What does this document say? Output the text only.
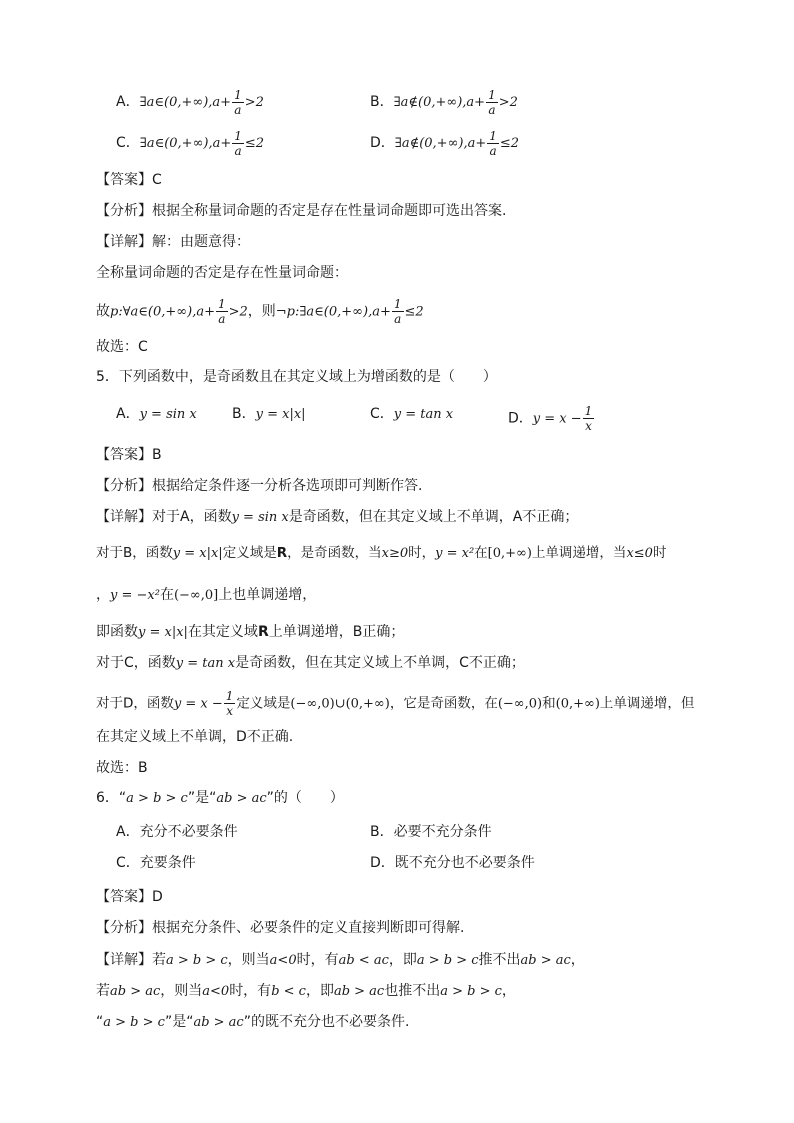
A．∃a∈(0,+∞),a+ $\frac{1}{a} >2$	B．∃a∉(0,+∞),a+ $\frac{1}{a} >2$
C．∃a∈(0,+∞),a+ $\frac{1}{a} \le 2$	D．∃a∉(0,+∞),a+ $\frac{1}{a} \le 2$
【答案】C
【分析】根据全称量词命题的否定是存在性量词命题即可选出答案.
【详解】解：由题意得：
全称量词命题的否定是存在性量词命题：
故p:∀a∈(0,+∞),a+ $\frac{1}{a} >2$，则¬p:∃a∈(0,+∞),a+ $\frac{1}{a} \le 2$
故选：C
5．下列函数中，是奇函数且在其定义域上为增函数的是（　　）
A．y = sin x	B．y = x|x|	C．y = tan x	D．$y = x - \frac{1}{x}$
【答案】B
【分析】根据给定条件逐一分析各选项即可判断作答.
【详解】对于A，函数y = sin x是奇函数，但在其定义域上不单调，A不正确；
对于B，函数y = x|x|定义域是R，是奇函数，当x≥0时，y = x²在[0,+∞)上单调递增，当x≤0时
，y = −x²在(−∞,0]上也单调递增，
即函数y = x|x|在其定义域R上单调递增，B正确；
对于C，函数y = tan x是奇函数，但在其定义域上不单调，C不正确；
对于D，函数$y = x - \frac{1}{x}$ 定义域是(−∞,0)∪(0,+∞)，它是奇函数，在(−∞,0)和(0,+∞)上单调递增，但
在其定义域上不单调，D不正确.
故选：B
6．“a > b > c”是“ab > ac”的（　　）
A．充分不必要条件	B．必要不充分条件
C．充要条件	D．既不充分也不必要条件
【答案】D
【分析】根据充分条件、必要条件的定义直接判断即可得解.
【详解】若a > b > c，则当a<0时，有ab < ac，即a > b > c推不出ab > ac，
若ab > ac，则当a<0时，有b < c，即ab > ac也推不出a > b > c，
“a > b > c”是“ab > ac”的既不充分也不必要条件.
